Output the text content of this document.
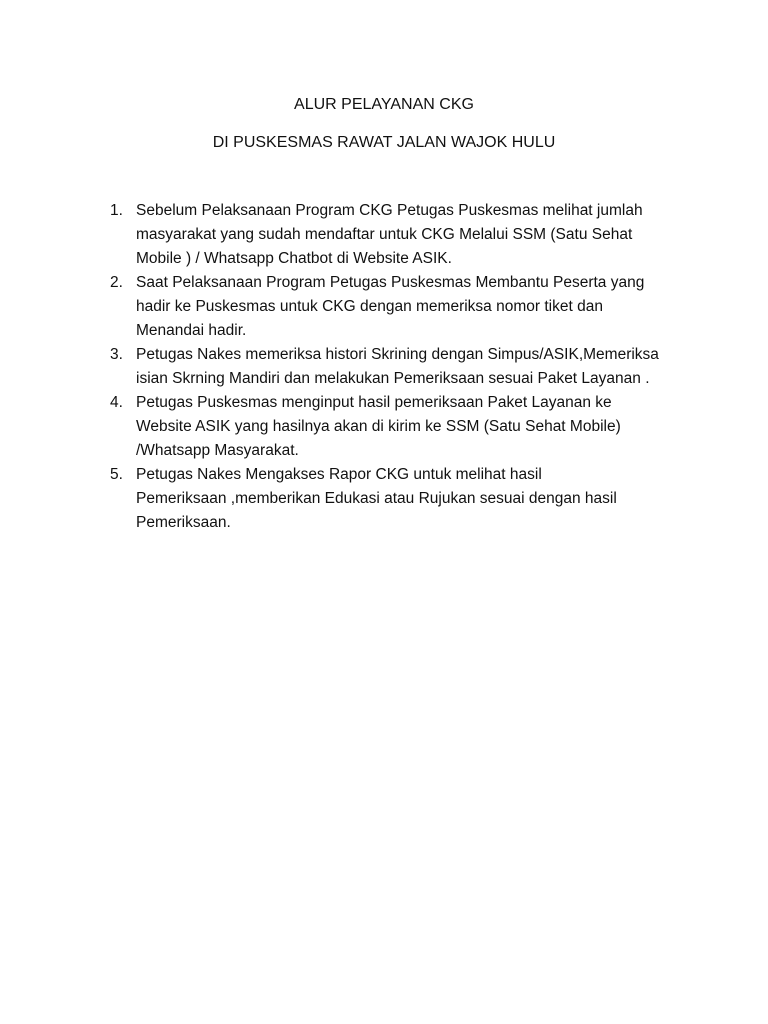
ALUR PELAYANAN CKG
DI PUSKESMAS RAWAT JALAN WAJOK HULU
1. Sebelum Pelaksanaan Program CKG Petugas Puskesmas melihat jumlah
masyarakat yang sudah mendaftar untuk CKG Melalui SSM (Satu Sehat
Mobile ) / Whatsapp Chatbot di Website ASIK.
2. Saat Pelaksanaan Program Petugas Puskesmas Membantu Peserta yang
hadir ke Puskesmas untuk CKG dengan memeriksa nomor tiket dan
Menandai hadir.
3. Petugas Nakes memeriksa histori Skrining dengan Simpus/ASIK,Memeriksa
isian Skrning Mandiri dan melakukan Pemeriksaan sesuai Paket Layanan .
4. Petugas Puskesmas menginput hasil pemeriksaan Paket Layanan ke
Website ASIK yang hasilnya akan di kirim ke SSM (Satu Sehat Mobile)
/Whatsapp Masyarakat.
5. Petugas Nakes Mengakses Rapor CKG untuk melihat hasil
Pemeriksaan ,memberikan Edukasi atau Rujukan sesuai dengan hasil
Pemeriksaan.
